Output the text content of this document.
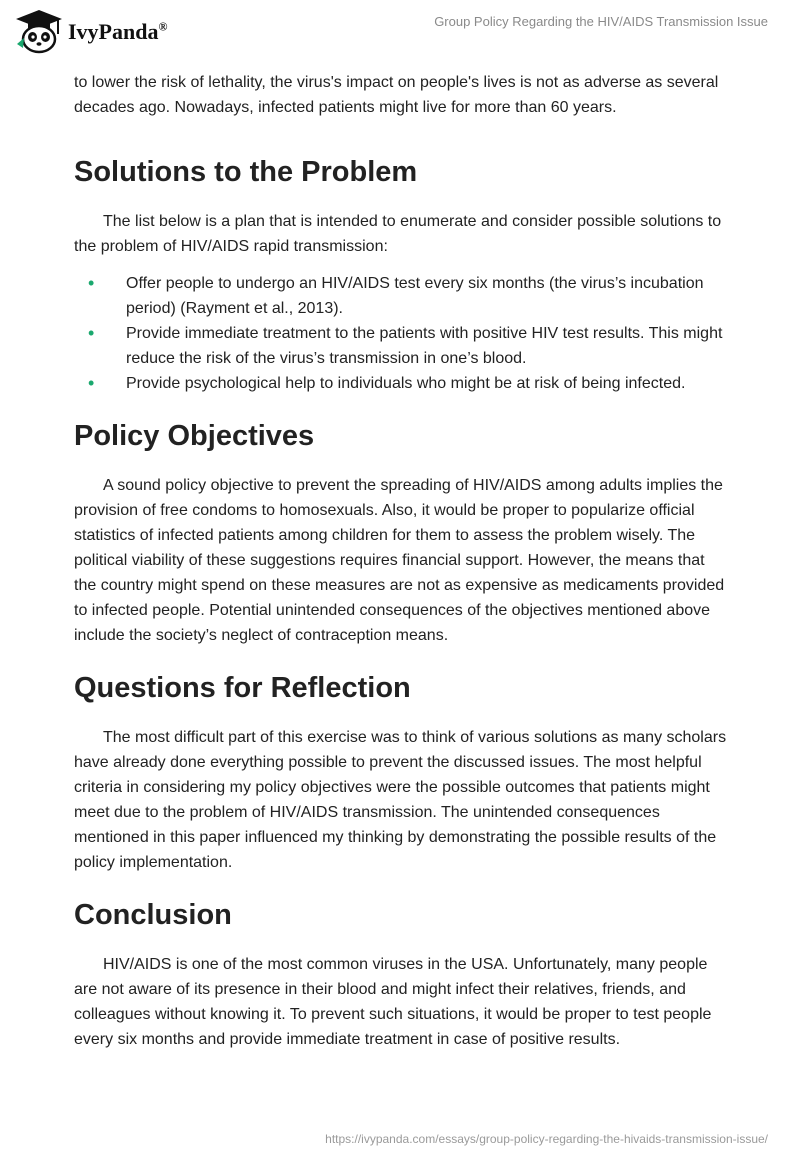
IvyPanda®	Group Policy Regarding the HIV/AIDS Transmission Issue

to lower the risk of lethality, the virus's impact on people's lives is not as adverse as several decades ago. Nowadays, infected patients might live for more than 60 years.

Solutions to the Problem

The list below is a plan that is intended to enumerate and consider possible solutions to the problem of HIV/AIDS rapid transmission:

• Offer people to undergo an HIV/AIDS test every six months (the virus’s incubation period) (Rayment et al., 2013).
• Provide immediate treatment to the patients with positive HIV test results. This might reduce the risk of the virus’s transmission in one’s blood.
• Provide psychological help to individuals who might be at risk of being infected.
Policy Objectives

A sound policy objective to prevent the spreading of HIV/AIDS among adults implies the provision of free condoms to homosexuals. Also, it would be proper to popularize official statistics of infected patients among children for them to assess the problem wisely. The political viability of these suggestions requires financial support. However, the means that the country might spend on these measures are not as expensive as medicaments provided to infected people. Potential unintended consequences of the objectives mentioned above include the society’s neglect of contraception means.

Questions for Reflection

The most difficult part of this exercise was to think of various solutions as many scholars have already done everything possible to prevent the discussed issues. The most helpful criteria in considering my policy objectives were the possible outcomes that patients might meet due to the problem of HIV/AIDS transmission. The unintended consequences mentioned in this paper influenced my thinking by demonstrating the possible results of the policy implementation.

Conclusion

HIV/AIDS is one of the most common viruses in the USA. Unfortunately, many people are not aware of its presence in their blood and might infect their relatives, friends, and colleagues without knowing it. To prevent such situations, it would be proper to test people every six months and provide immediate treatment in case of positive results.

https://ivypanda.com/essays/group-policy-regarding-the-hivaids-transmission-issue/
